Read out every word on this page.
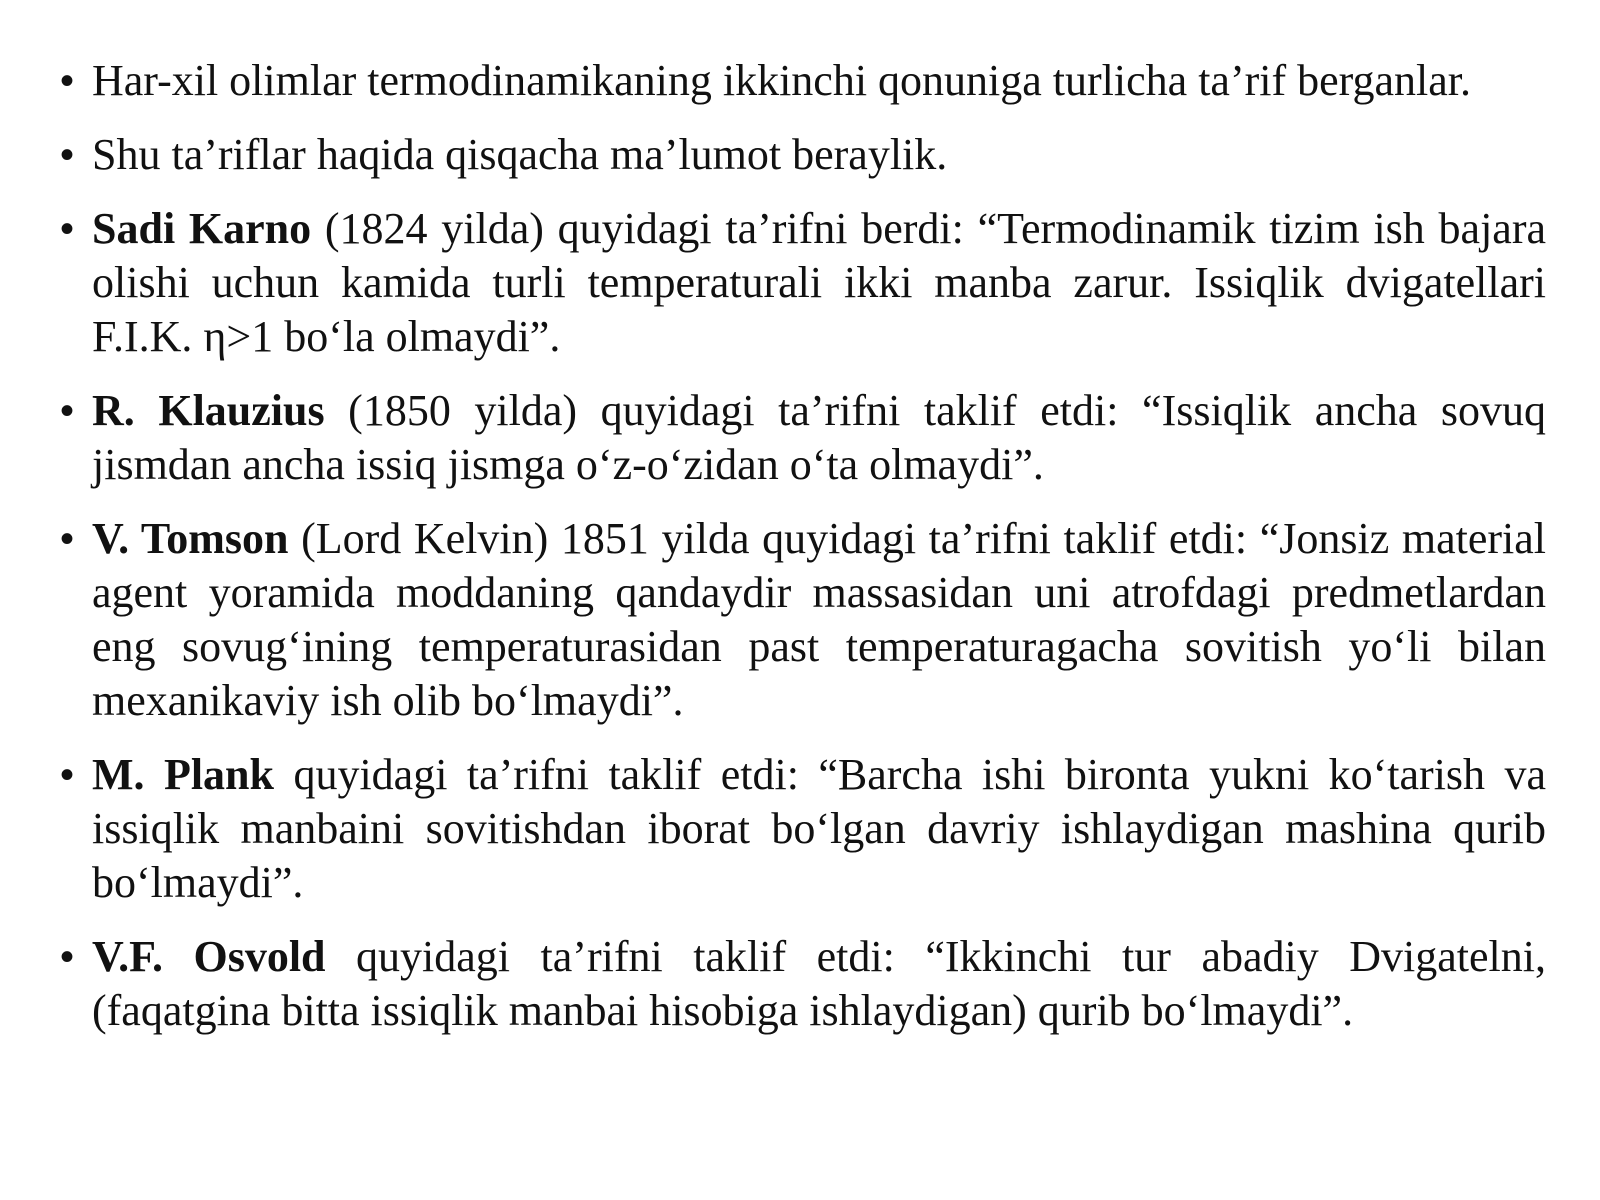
• Har-xil olimlar termodinamikaning ikkinchi qonuniga turlicha ta’rif berganlar.
• Shu ta’riflar haqida qisqacha ma’lumot beraylik.
• Sadi Karno (1824 yilda) quyidagi ta’rifni berdi: “Termodinamik tizim ish bajara olishi uchun kamida turli temperaturali ikki manba zarur. Issiqlik dvigatellari F.I.K. η>1 bo‘la olmaydi”.
• R. Klauzius (1850 yilda) quyidagi ta’rifni taklif etdi: “Issiqlik ancha sovuq jismdan ancha issiq jismga o‘z-o‘zidan o‘ta olmaydi”.
• V. Tomson (Lord Kelvin) 1851 yilda quyidagi ta’rifni taklif etdi: “Jonsiz material agent yoramida moddaning qandaydir massasidan uni atrofdagi predmetlardan eng sovug‘ining temperaturasidan past temperaturagacha sovitish yo‘li bilan mexanikaviy ish olib bo‘lmaydi”.
• M. Plank quyidagi ta’rifni taklif etdi: “Barcha ishi bironta yukni ko‘tarish va issiqlik manbaini sovitishdan iborat bo‘lgan davriy ishlaydigan mashina qurib bo‘lmaydi”.
• V.F. Osvold quyidagi ta’rifni taklif etdi: “Ikkinchi tur abadiy Dvigatelni, (faqatgina bitta issiqlik manbai hisobiga ishlaydigan) qurib bo‘lmaydi”.
